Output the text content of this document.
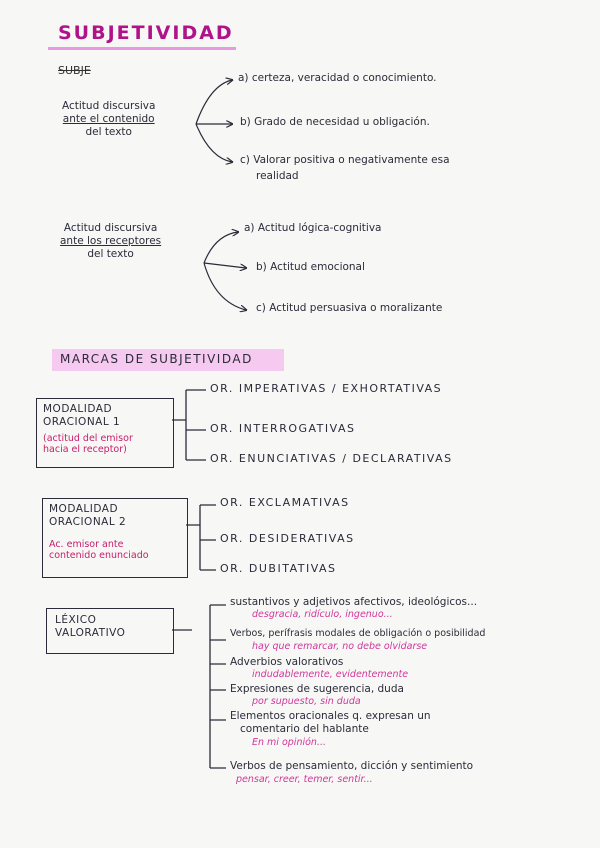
SUBJETIVIDAD
SUBJE
Actitud discursiva
ante el contenido
del texto
a) certeza, veracidad o conocimiento.
b) Grado de necesidad u obligación.
c) Valorar positiva o negativamente esa
realidad
Actitud discursiva
ante los receptores
del texto
a) Actitud lógica-cognitiva
b) Actitud emocional
c) Actitud persuasiva o moralizante
MARCAS DE SUBJETIVIDAD
MODALIDAD
ORACIONAL 1
(actitud del emisor
hacia el receptor)
OR. IMPERATIVAS / EXHORTATIVAS
OR. INTERROGATIVAS
OR. ENUNCIATIVAS / DECLARATIVAS
MODALIDAD
ORACIONAL 2
Ac. emisor ante
contenido enunciado
OR. EXCLAMATIVAS
OR. DESIDERATIVAS
OR. DUBITATIVAS
LÉXICO
VALORATIVO
sustantivos y adjetivos afectivos, ideológicos...
desgracia, ridículo, ingenuo...
Verbos, perífrasis modales de obligación o posibilidad
hay que remarcar, no debe olvidarse
Adverbios valorativos
indudablemente, evidentemente
Expresiones de sugerencia, duda
por supuesto, sin duda
Elementos oracionales q. expresan un
comentario del hablante
En mi opinión...
Verbos de pensamiento, dicción y sentimiento
pensar, creer, temer, sentir...
